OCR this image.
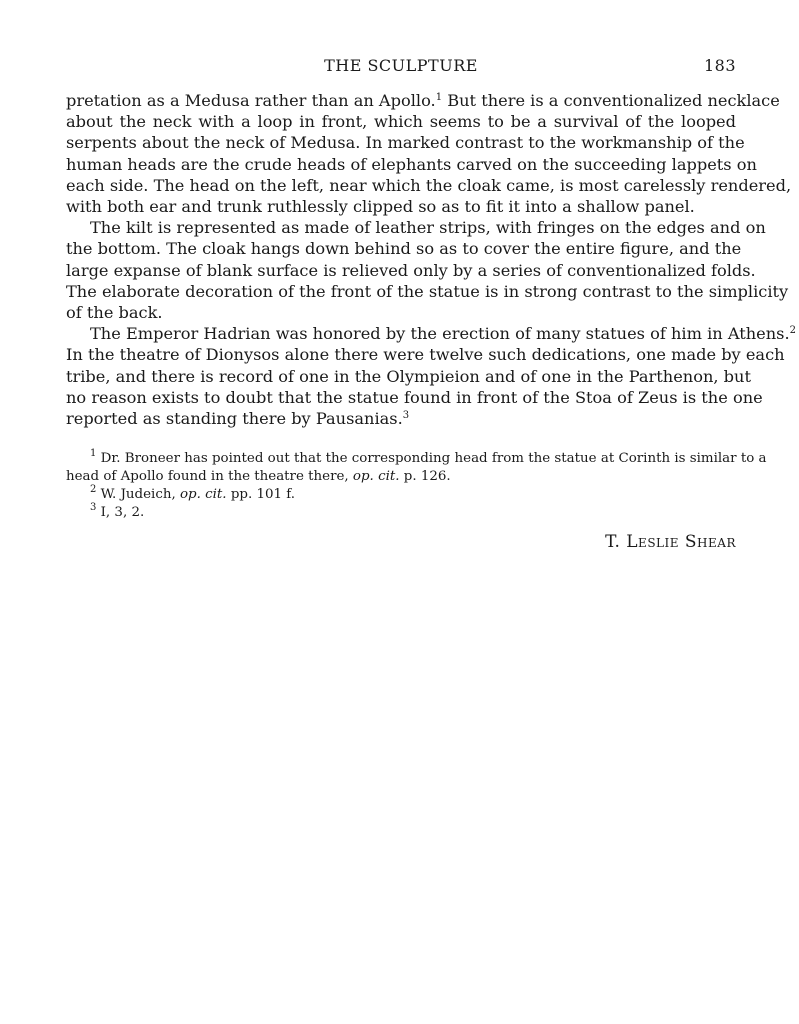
THE SCULPTURE	183
pretation as a Medusa rather than an Apollo.$^1$ But there is a conventionalized necklace
about the neck with a loop in front, which seems to be a survival of the looped
serpents about the neck of Medusa. In marked contrast to the workmanship of the
human heads are the crude heads of elephants carved on the succeeding lappets on
each side. The head on the left, near which the cloak came, is most carelessly rendered,
with both ear and trunk ruthlessly clipped so as to fit it into a shallow panel.
The kilt is represented as made of leather strips, with fringes on the edges and on
the bottom. The cloak hangs down behind so as to cover the entire figure, and the
large expanse of blank surface is relieved only by a series of conventionalized folds.
The elaborate decoration of the front of the statue is in strong contrast to the simplicity
of the back.
The Emperor Hadrian was honored by the erection of many statues of him in Athens.$^2$
In the theatre of Dionysos alone there were twelve such dedications, one made by each
tribe, and there is record of one in the Olympieion and of one in the Parthenon, but
no reason exists to doubt that the statue found in front of the Stoa of Zeus is the one
reported as standing there by Pausanias.$^3$
$^1$ Dr. Broneer has pointed out that the corresponding head from the statue at Corinth is similar to a
head of Apollo found in the theatre there, op. cit. p. 126.
$^2$ W. Judeich, op. cit. pp. 101 f.
$^3$ I, 3, 2.
T. Leslie Shear
